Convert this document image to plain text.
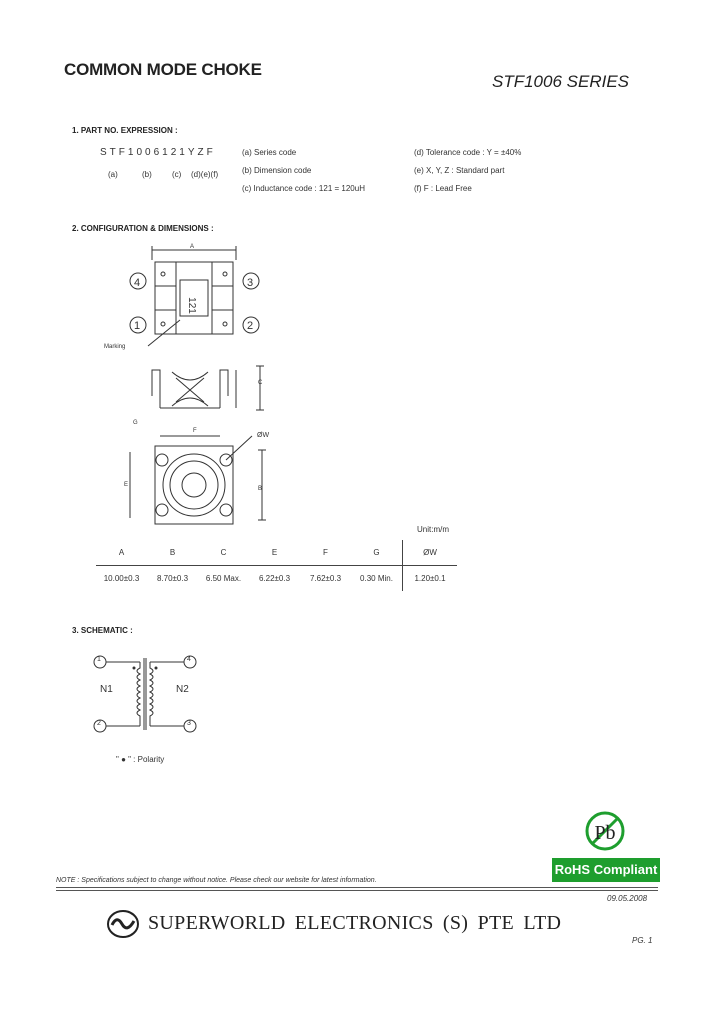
COMMON MODE CHOKE
STF1006 SERIES
1. PART NO. EXPRESSION :
STF1006121YZF
(a)	(b)	(c) (d)(e)(f)
(a) Series code
(b) Dimension code
(c) Inductance code : 121 = 120uH
(d) Tolerance code : Y = ±40%
(e) X, Y, Z : Standard part
(f) F : Lead Free
2. CONFIGURATION & DIMENSIONS :
4	3
1	2
121
Marking
A
C
G
F
ØW
E
B
Unit:m/m
A	B	C	E	F	G	ØW
10.00±0.3	8.70±0.3	6.50 Max.	6.22±0.3	7.62±0.3	0.30 Min.	1.20±0.1
3. SCHEMATIC :
1	4
2	3
N1	N2
" ● " : Polarity
Pb
RoHS Compliant
NOTE : Specifications subject to change without notice. Please check our website for latest information.
09.05.2008
SUPERWORLD ELECTRONICS (S) PTE LTD
PG. 1
